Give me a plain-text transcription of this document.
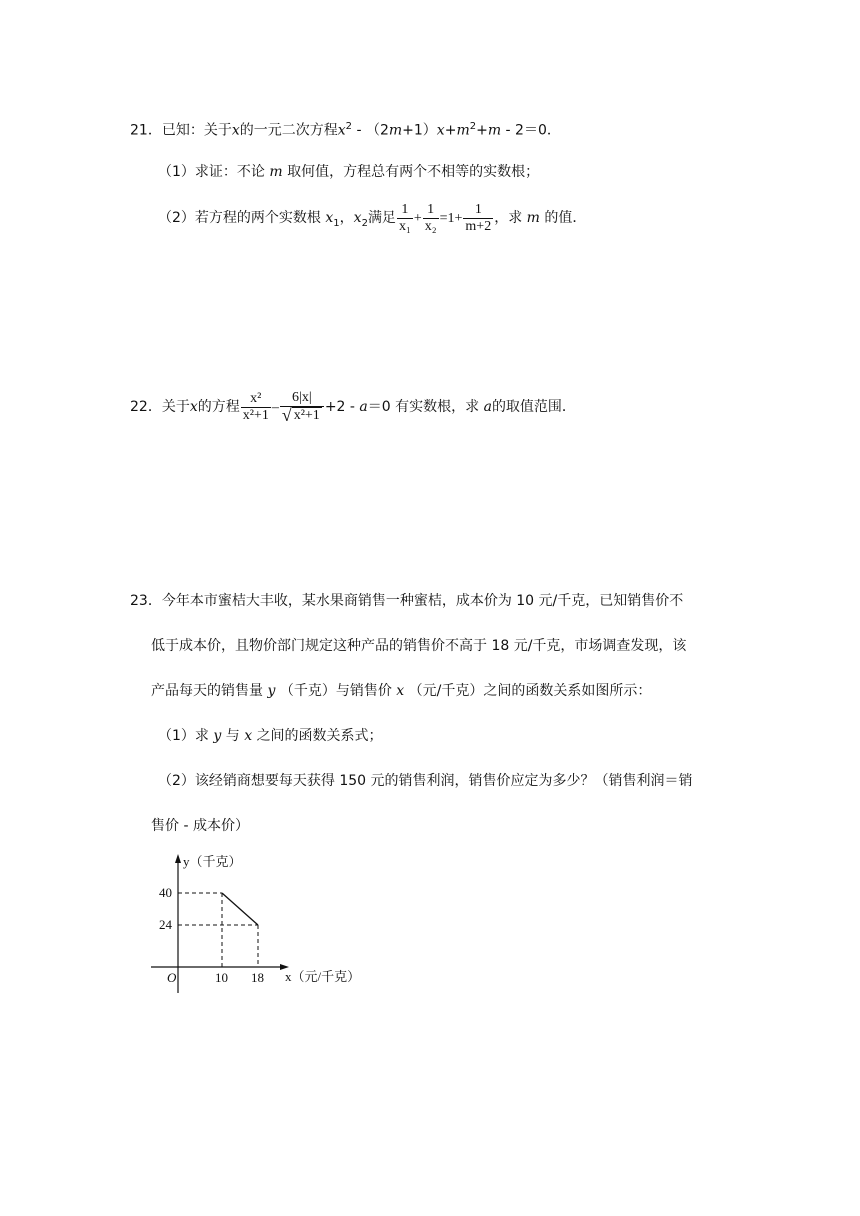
21．已知：关于x的一元二次方程$x^2 - (2m+1)x+m^2+m - 2=0$．
（1）求证：不论 m 取何值，方程总有两个不相等的实数根；
（2）若方程的两个实数根 $x_1$，$x_2$满足 $\frac{1}{\text{x₁}} + \frac{1}{\text{x₂}} =1+ \frac{1}{m+2}$ ，求 m 的值．
22．关于x的方程 $\frac{\text{x²}}{\text{x²+1}} - \frac{6|x|}{\text{√ x²+1}} +2 - a=0$ 有实数根，求 a的取值范围．
23．今年本市蜜桔大丰收，某水果商销售一种蜜桔，成本价为 10 元/千克，已知销售价不
低于成本价，且物价部门规定这种产品的销售价不高于 18 元/千克，市场调查发现，该
产品每天的销售量 y （千克）与销售价 x （元/千克）之间的函数关系如图所示：
（1）求 y 与 x 之间的函数关系式；
（2）该经销商想要每天获得 150 元的销售利润，销售价应定为多少？（销售利润＝销
售价 - 成本价）
y（千克）
x（元/千克）
O
40
24
10 18
